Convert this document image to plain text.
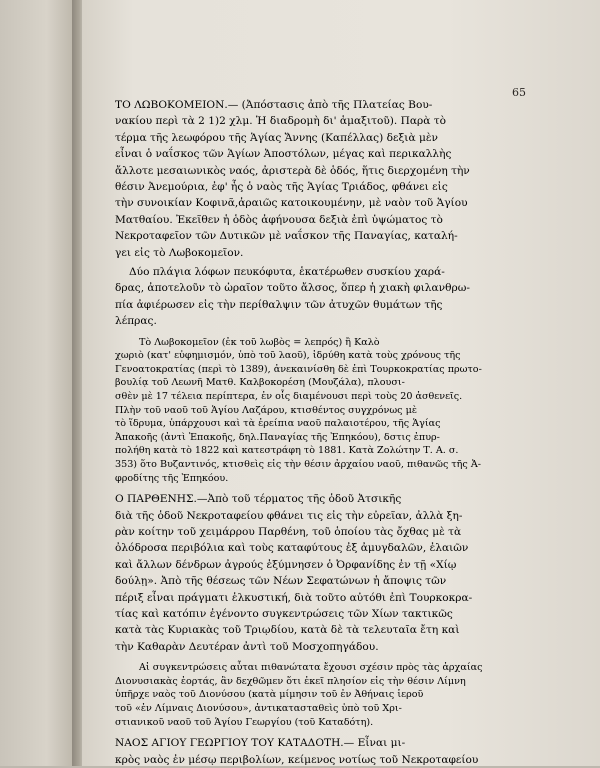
65

ΤΟ ΛΩΒΟΚΟΜΕΙΟΝ.— (Ἀπόστασις ἀπὸ τῆς Πλατείας Βου-

νακίου περὶ τὰ 2 1)2 χλμ. Ἡ διαδρομὴ δι' ἁμαξιτοῦ). Παρὰ τὸ

τέρμα τῆς λεωφόρου τῆς Ἁγίας Ἄννης (Καπέλλας) δεξιὰ μὲν

εἶναι ὁ ναΐσκος τῶν Ἁγίων Ἀποστόλων, μέγας καὶ περικαλλὴς

ἄλλοτε μεσαιωνικὸς ναός, ἀριστερὰ δὲ ὁδός, ἥτις διερχομένη τὴν

θέσιν Ἀνεμούρια, ἐφ' ἧς ὁ ναὸς τῆς Ἁγίας Τριάδος, φθάνει εἰς

τὴν συνοικίαν Κοφινᾶ,ἀραιῶς κατοικουμένην, μὲ ναὸν τοῦ Ἁγίου

Ματθαίου. Ἐκεῖθεν ἡ ὁδὸς ἀφήνουσα δεξιὰ ἐπὶ ὑψώματος τὸ

Νεκροταφεῖον τῶν Δυτικῶν μὲ ναΐσκον τῆς Παναγίας, καταλή-

γει εἰς τὸ Λωβοκομεῖον.

Δύο πλάγια λόφων πευκόφυτα, ἑκατέρωθεν συσκίου χαρά-

δρας, ἀποτελοῦν τὸ ὡραῖον τοῦτο ἄλσος, ὅπερ ἡ χιακὴ φιλανθρω-

πία ἀφιέρωσεν εἰς τὴν περίθαλψιν τῶν ἀτυχῶν θυμάτων τῆς

λέπρας.

Τὸ Λωβοκομεῖον (ἐκ τοῦ λωβὸς = λεπρός) ἢ Καλὸ

χωριὸ (κατ' εὐφημισμόν, ὑπὸ τοῦ λαοῦ), ἱδρύθη κατὰ τοὺς χρόνους τῆς

Γενοατοκρατίας (περὶ τὸ 1389), ἀνεκαινίσθη δὲ ἐπὶ Τουρκοκρατίας πρωτο-

βουλίᾳ τοῦ Λεωνῆ Ματθ. Καλβοκορέση (Μουζάλα), πλουσι-

σθὲν μὲ 17 τέλεια περίπτερα, ἐν οἷς διαμένουσι περὶ τοὺς 20 ἀσθενεῖς.

Πλὴν τοῦ ναοῦ τοῦ Ἁγίου Λαζάρου, κτισθέντος συγχρόνως μὲ

τὸ ἵδρυμα, ὑπάρχουσι καὶ τὰ ἐρείπια ναοῦ παλαιοτέρου, τῆς Ἁγίας

Ἀπακοῆς (ἀντὶ Ἐπακοῆς, δηλ.Παναγίας τῆς Ἐπηκόου), δστις ἐπυρ-

πολήθη κατὰ τὸ 1822 καὶ κατεστράφη τὸ 1881. Κατὰ Ζολώτην Τ. Α. σ.

353) ὅτο Βυζαντινός, κτισθεὶς εἰς τὴν θέσιν ἀρχαίου ναοῦ, πιθανῶς τῆς Ἀ-

φροδίτης τῆς Ἐπηκόου.

Ο ΠΑΡΘΕΝΗΣ.—Ἀπὸ τοῦ τέρματος τῆς ὁδοῦ Ἀτσικῆς

διὰ τῆς ὁδοῦ Νεκροταφείου φθάνει τις εἰς τὴν εὐρεῖαν, ἀλλὰ ξη-

ρὰν κοίτην τοῦ χειμάρρου Παρθένη, τοῦ ὁποίου τὰς ὄχθας μὲ τὰ

ὀλόδροσα περιβόλια καὶ τοὺς καταφύτους ἐξ ἀμυγδαλῶν, ἐλαιῶν

καὶ ἄλλων δένδρων ἀγρούς ἐξύμνησεν ὁ Ὀρφανίδης ἐν τῇ «Χίῳ

δούλῃ». Ἀπὸ τῆς θέσεως τῶν Νέων Σεφατώνων ἡ ἄποψις τῶν

πέριξ εἶναι πράγματι ἑλκυστική, διὰ τοῦτο αὐτόθι ἐπὶ Τουρκοκρα-

τίας καὶ κατόπιν ἐγένοντο συγκεντρώσεις τῶν Χίων τακτικῶς

κατὰ τὰς Κυριακὰς τοῦ Τριῳδίου, κατὰ δὲ τὰ τελευταῖα ἔτη καὶ

τὴν Καθαρὰν Δευτέραν ἀντὶ τοῦ Μοσχοπηγάδου.

Αἱ συγκεντρώσεις αὗται πιθανώτατα ἔχουσι σχέσιν πρὸς τὰς ἀρχαίας

Διονυσιακὰς ἑορτάς, ἂν δεχθῶμεν ὅτι ἐκεῖ πλησίον εἰς τὴν θέσιν Λίμνη

ὑπῆρχε ναὸς τοῦ Διονύσου (κατὰ μίμησιν τοῦ ἐν Ἀθήναις ἱεροῦ

τοῦ «ἐν Λίμναις Διονύσου», ἀντικατασταθεὶς ὑπὸ τοῦ Χρι-

στιανικοῦ ναοῦ τοῦ Ἁγίου Γεωργίου (τοῦ Καταδότη).

ΝΑΟΣ ΑΓΙΟΥ ΓΕΩΡΓΙΟΥ ΤΟΥ ΚΑΤΑΔΟΤΗ.— Εἶναι μι-

κρὸς ναὸς ἐν μέσῳ περιβολίων, κείμενος νοτίως τοῦ Νεκροταφείου
